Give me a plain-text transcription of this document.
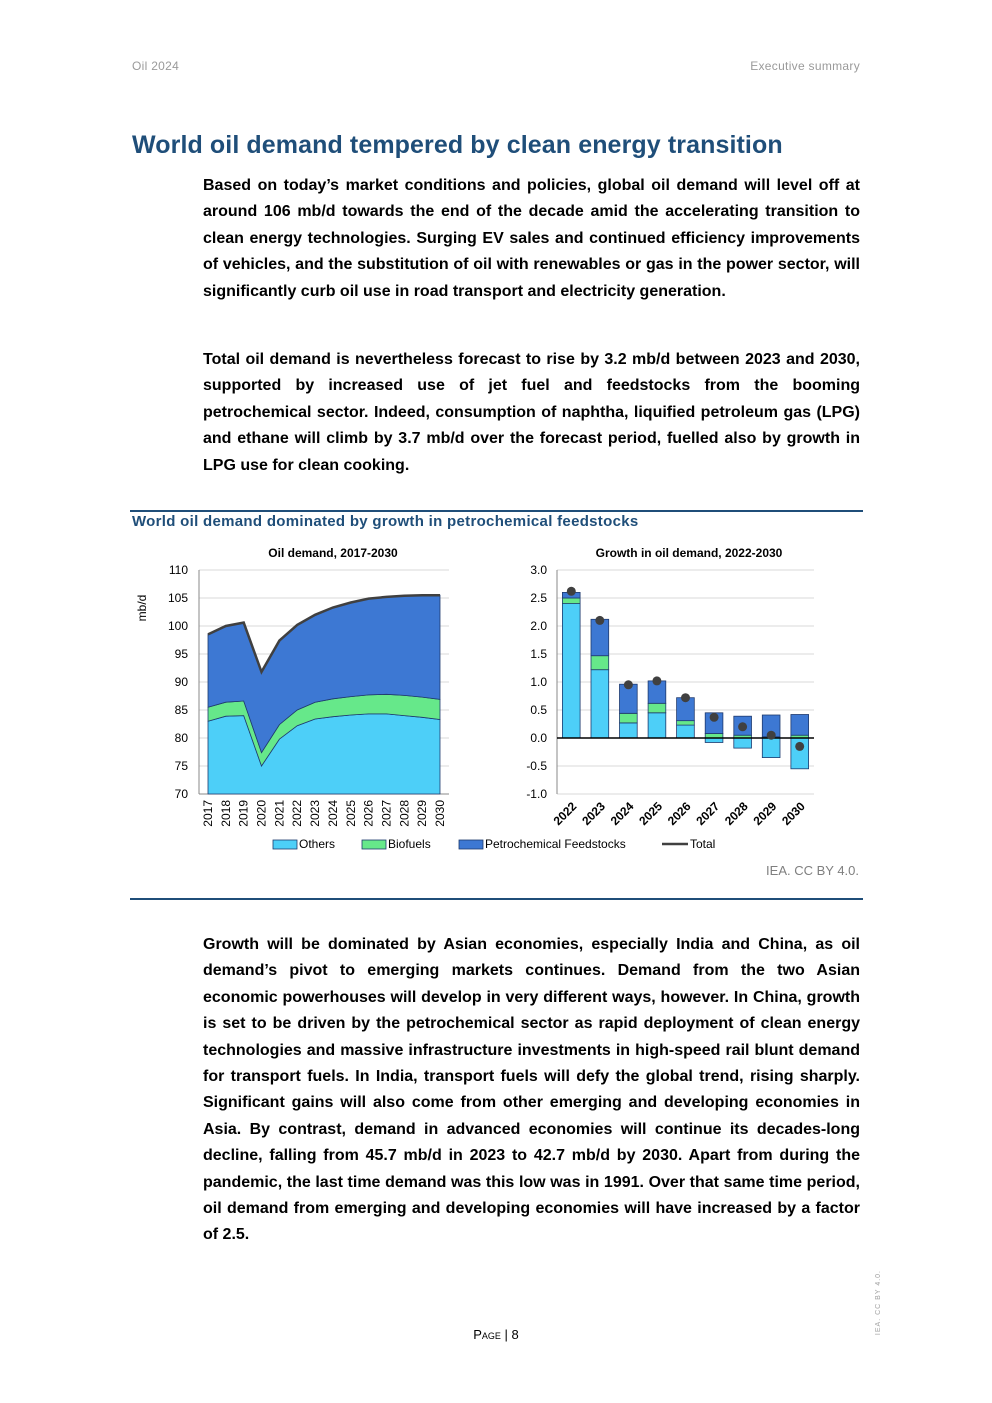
Oil 2024	Executive summary
World oil demand tempered by clean energy transition

Based on today’s market conditions and policies, global oil demand will level off at around 106 mb/d towards the end of the decade amid the accelerating transition to clean energy technologies. Surging EV sales and continued efficiency improvements of vehicles, and the substitution of oil with renewables or gas in the power sector, will significantly curb oil use in road transport and electricity generation.

Total oil demand is nevertheless forecast to rise by 3.2 mb/d between 2023 and 2030, supported by increased use of jet fuel and feedstocks from the booming petrochemical sector. Indeed, consumption of naphtha, liquified petroleum gas (LPG) and ethane will climb by 3.7 mb/d over the forecast period, fuelled also by growth in LPG use for clean cooking.

World oil demand dominated by growth in petrochemical feedstocks
Oil demand, 2017-2030
mb/d
110
105
100
95
90
85
80
75
70
2017 2018 2019 2020 2021 2022 2023 2024 2025 2026 2027 2028 2029 2030
Growth in oil demand, 2022-2030
3.0
2.5
2.0
1.5
1.0
0.5
0.0
-0.5
-1.0
2022 2023 2024 2025 2026 2027 2028 2029 2030
Others	Biofuels	Petrochemical Feedstocks	Total
IEA. CC BY 4.0.

Growth will be dominated by Asian economies, especially India and China, as oil demand’s pivot to emerging markets continues. Demand from the two Asian economic powerhouses will develop in very different ways, however. In China, growth is set to be driven by the petrochemical sector as rapid deployment of clean energy technologies and massive infrastructure investments in high-speed rail blunt demand for transport fuels. In India, transport fuels will defy the global trend, rising sharply. Significant gains will also come from other emerging and developing economies in Asia. By contrast, demand in advanced economies will continue its decades-long decline, falling from 45.7 mb/d in 2023 to 42.7 mb/d by 2030. Apart from during the pandemic, the last time demand was this low was in 1991. Over that same time period, oil demand from emerging and developing economies will have increased by a factor of 2.5.

Page | 8	IEA. CC BY 4.0.
